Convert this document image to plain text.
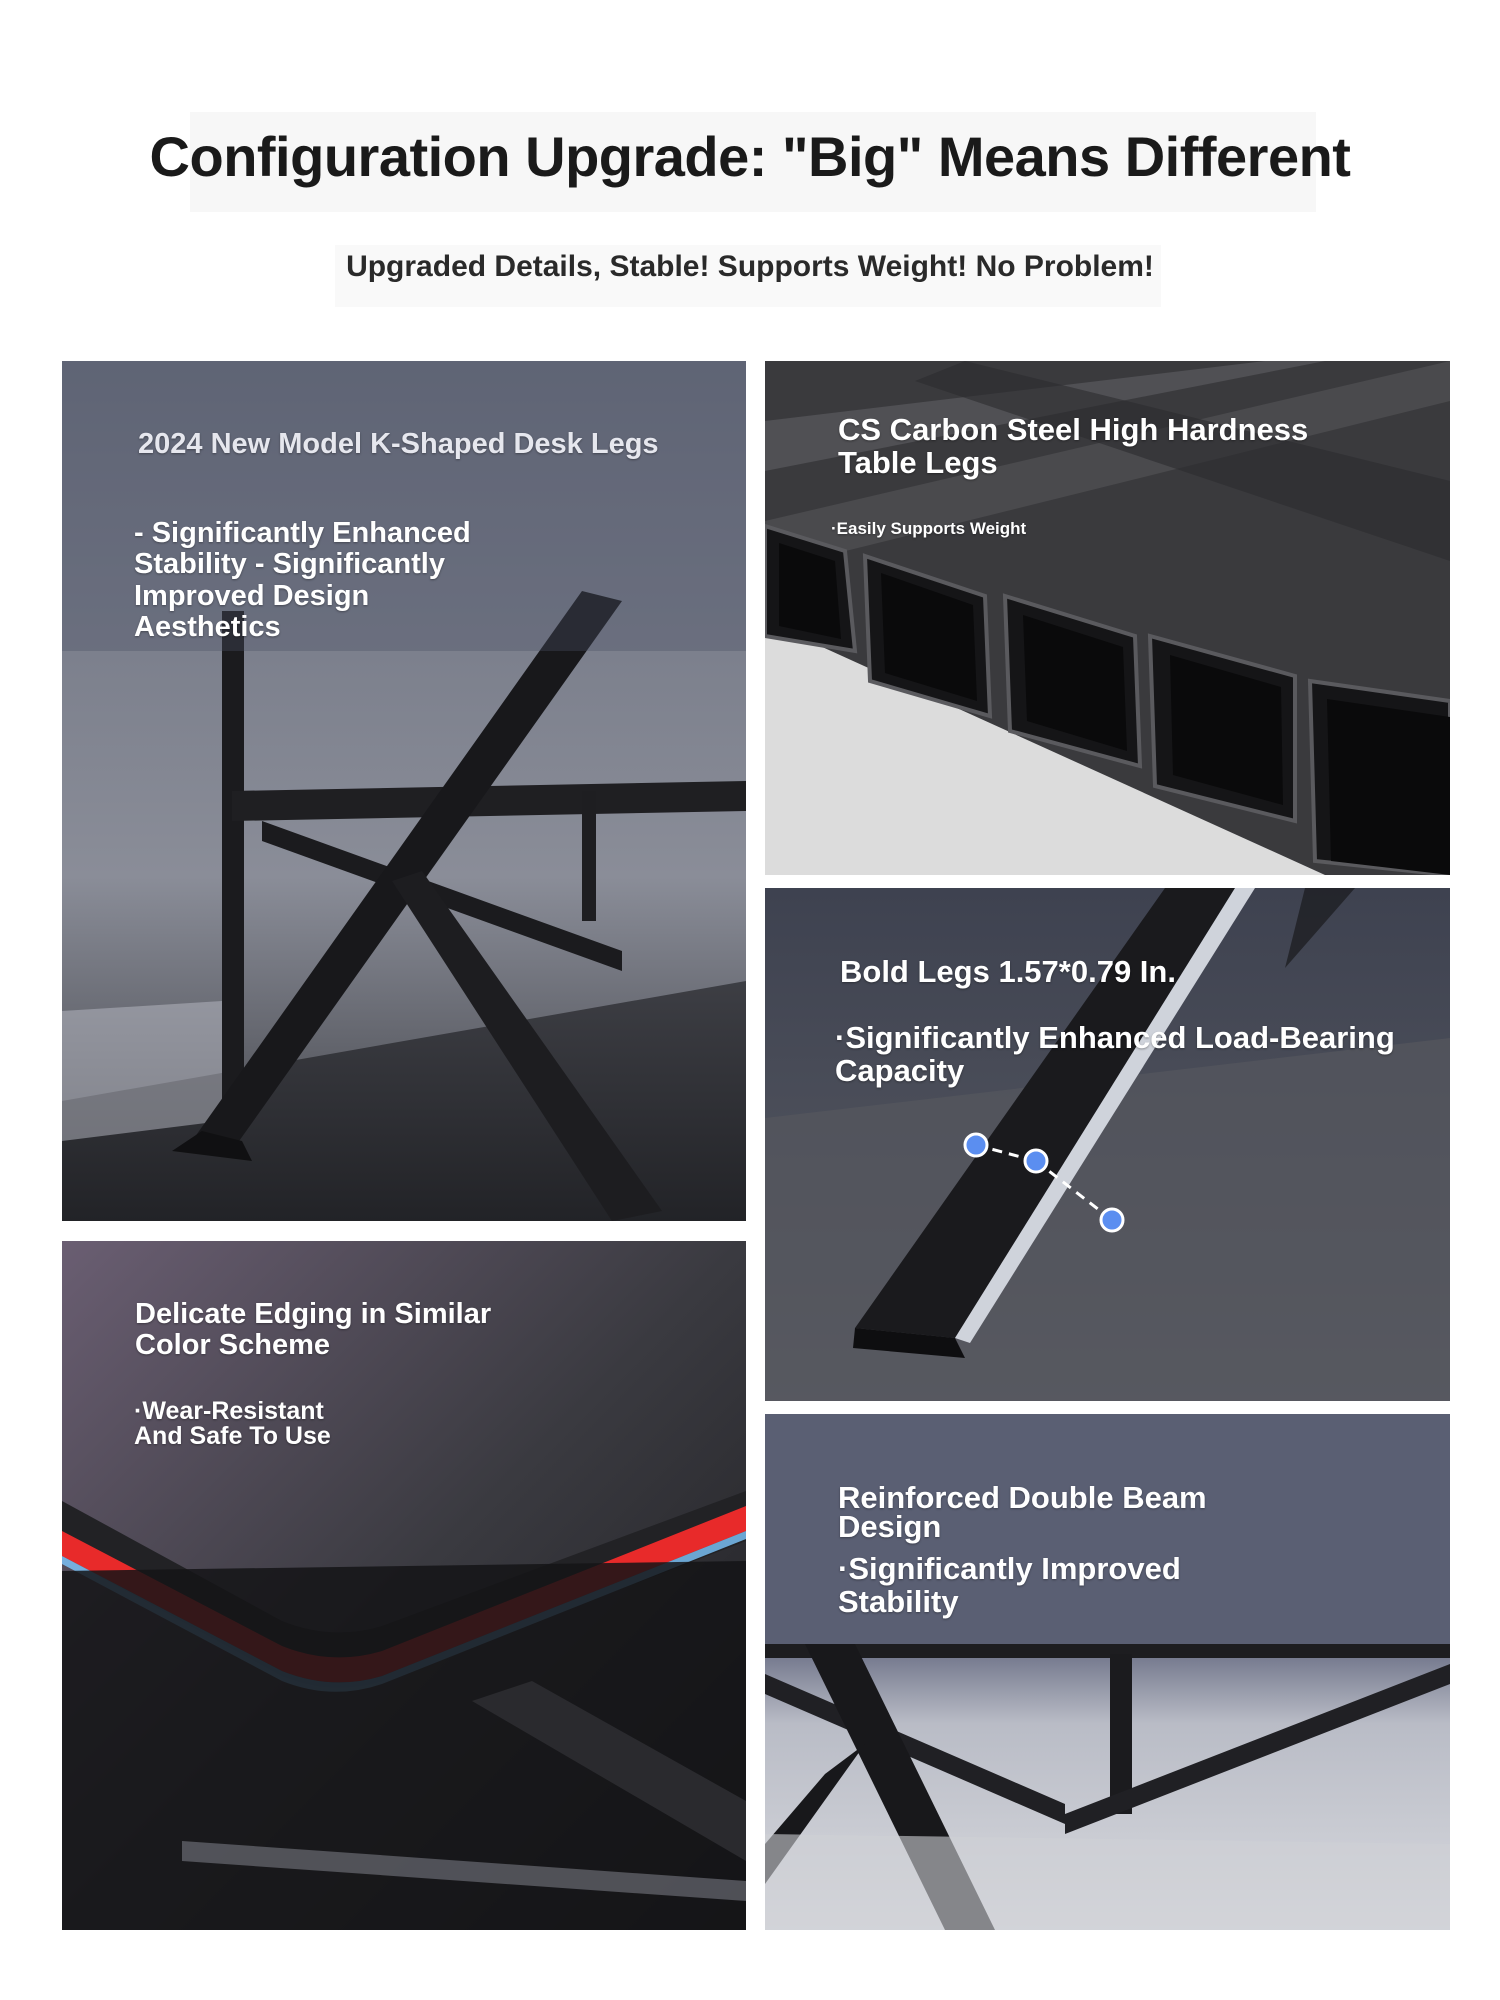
Configuration Upgrade: "Big" Means Different
Upgraded Details, Stable! Supports Weight! No Problem!
2024 New Model K-Shaped Desk Legs
- Significantly Enhanced Stability - Significantly Improved Design Aesthetics
CS Carbon Steel High Hardness Table Legs
·Easily Supports Weight
Bold Legs 1.57*0.79 In.
·Significantly Enhanced Load-Bearing Capacity
Delicate Edging in Similar Color Scheme
·Wear-Resistant And Safe To Use
Reinforced Double Beam Design
·Significantly Improved Stability
